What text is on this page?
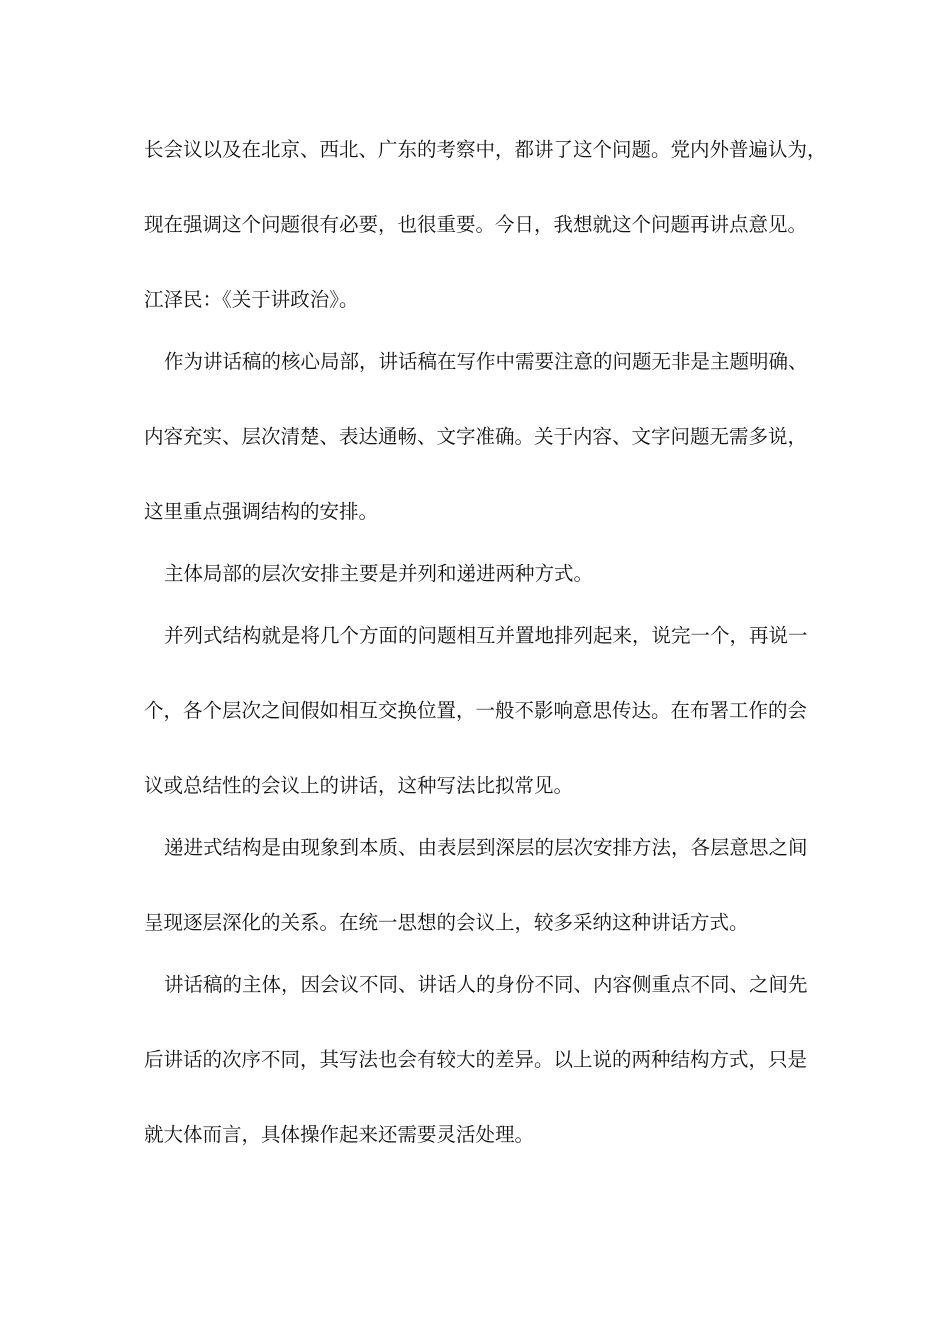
长会议以及在北京、西北、广东的考察中，都讲了这个问题。党内外普遍认为，
现在强调这个问题很有必要，也很重要。今日，我想就这个问题再讲点意见。
江泽民：《关于讲政治》。
作为讲话稿的核心局部，讲话稿在写作中需要注意的问题无非是主题明确、
内容充实、层次清楚、表达通畅、文字准确。关于内容、文字问题无需多说，
这里重点强调结构的安排。
主体局部的层次安排主要是并列和递进两种方式。
并列式结构就是将几个方面的问题相互并置地排列起来，说完一个，再说一
个，各个层次之间假如相互交换位置，一般不影响意思传达。在布署工作的会
议或总结性的会议上的讲话，这种写法比拟常见。
递进式结构是由现象到本质、由表层到深层的层次安排方法，各层意思之间
呈现逐层深化的关系。在统一思想的会议上，较多采纳这种讲话方式。
讲话稿的主体，因会议不同、讲话人的身份不同、内容侧重点不同、之间先
后讲话的次序不同，其写法也会有较大的差异。以上说的两种结构方式，只是
就大体而言，具体操作起来还需要灵活处理。
